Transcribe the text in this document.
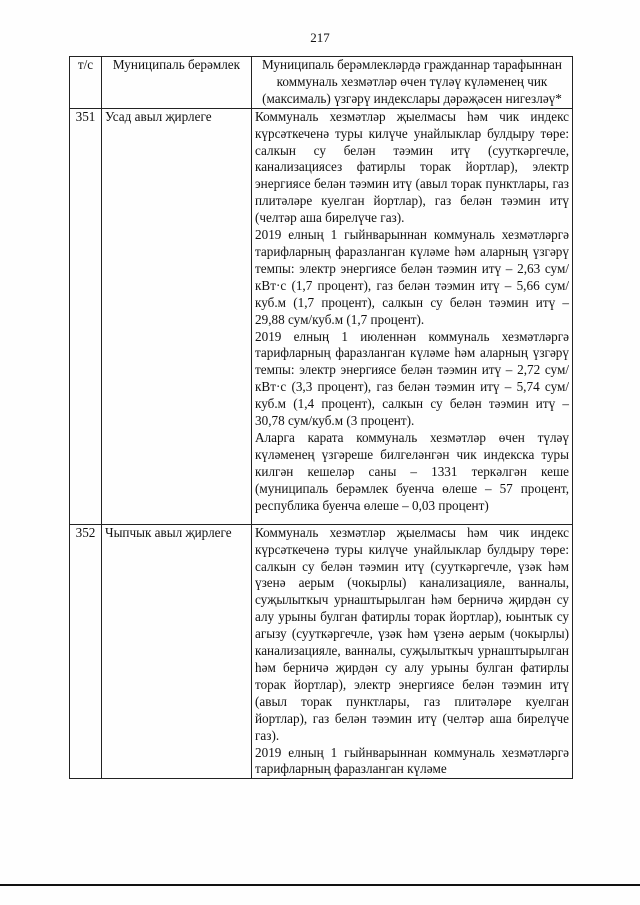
217
т/с	Муниципаль берәмлек	Муниципаль берәмлекләрдә гражданнар тарафыннан коммуналь хезмәтләр өчен түләү күләменең чик (максималь) үзгәрү индекслары дәрәҗәсен нигезләү*
351	Усад авыл җирлеге	Коммуналь хезмәтләр җыелмасы һәм чик индекс күрсәткеченә туры килүче унайлыклар булдыру төре: салкын су белән тәэмин итү (сууткәргечле, канализациясез фатирлы торак йортлар), электр энергиясе белән тәэмин итү (авыл торак пунктлары, газ плитәләре куелган йортлар), газ белән тәэмин итү (челтәр аша бирелүче газ).

2019 елның 1 гыйнварыннан коммуналь хезмәтләргә тарифларның фаразланган күләме һәм аларның үзгәрү темпы: электр энергиясе белән тәэмин итү – 2,63 сум/кВт·с (1,7 процент), газ белән тәэмин итү – 5,66 сум/куб.м (1,7 процент), салкын су белән тәэмин итү – 29,88 сум/куб.м (1,7 процент).

2019 елның 1 июленнән коммуналь хезмәтләргә тарифларның фаразланган күләме һәм аларның үзгәрү темпы: электр энергиясе белән тәэмин итү – 2,72 сум/кВт·с (3,3 процент), газ белән тәэмин итү – 5,74 сум/куб.м (1,4 процент), салкын су белән тәэмин итү – 30,78 сум/куб.м (3 процент).

Аларга карата коммуналь хезмәтләр өчен түләү күләменең үзгәреше билгеләнгән чик индекска туры килгән кешеләр саны – 1331 теркәлгән кеше (муниципаль берәмлек буенча өлеше – 57 процент, республика буенча өлеше – 0,03 процент)

352	Чыпчык авыл җирлеге	Коммуналь хезмәтләр җыелмасы һәм чик индекс күрсәткеченә туры килүче унайлыклар булдыру төре: салкын су белән тәэмин итү (сууткәргечле, үзәк һәм үзенә аерым (чокырлы) канализацияле, ванналы, суҗылыткыч урнаштырылган һәм берничә җирдән су алу урыны булган фатирлы торак йортлар), юынтык су агызу (сууткәргечле, үзәк һәм үзенә аерым (чокырлы) канализацияле, ванналы, суҗылыткыч урнаштырылган һәм берничә җирдән су алу урыны булган фатирлы торак йортлар), электр энергиясе белән тәэмин итү (авыл торак пунктлары, газ плитәләре куелган йортлар), газ белән тәэмин итү (челтәр аша бирелүче газ).

2019 елның 1 гыйнварыннан коммуналь хезмәтләргә тарифларның фаразланган күләме
